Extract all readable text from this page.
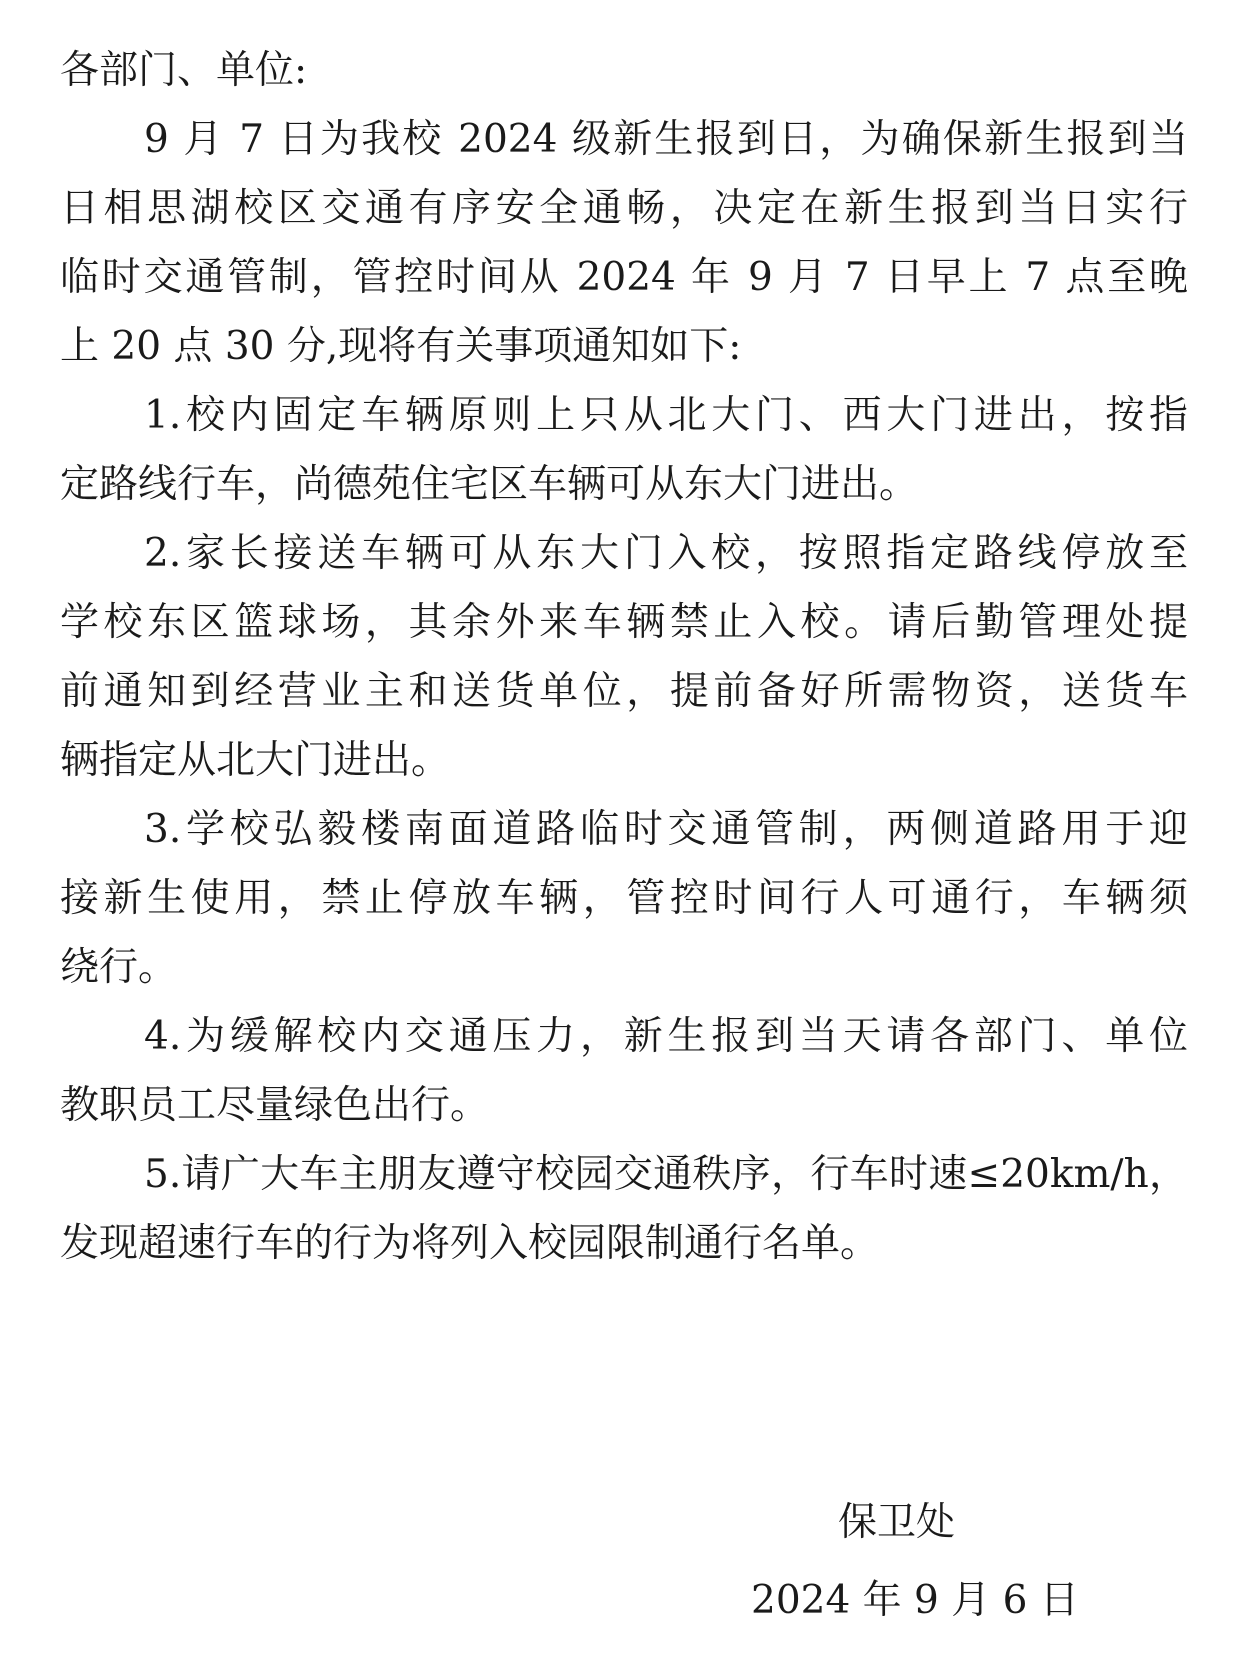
各部门、单位:
9 月 7 日为我校 2024 级新生报到日，为确保新生报到当
日相思湖校区交通有序安全通畅，决定在新生报到当日实行
临时交通管制，管控时间从 2024 年 9 月 7 日早上 7 点至晚
上 20 点 30 分,现将有关事项通知如下:
1.校内固定车辆原则上只从北大门、西大门进出，按指
定路线行车，尚德苑住宅区车辆可从东大门进出。
2.家长接送车辆可从东大门入校，按照指定路线停放至
学校东区篮球场，其余外来车辆禁止入校。请后勤管理处提
前通知到经营业主和送货单位，提前备好所需物资，送货车
辆指定从北大门进出。
3.学校弘毅楼南面道路临时交通管制，两侧道路用于迎
接新生使用，禁止停放车辆，管控时间行人可通行，车辆须
绕行。
4.为缓解校内交通压力，新生报到当天请各部门、单位
教职员工尽量绿色出行。
5.请广大车主朋友遵守校园交通秩序，行车时速≤20km/h，
发现超速行车的行为将列入校园限制通行名单。
保卫处
2024 年 9 月 6 日
